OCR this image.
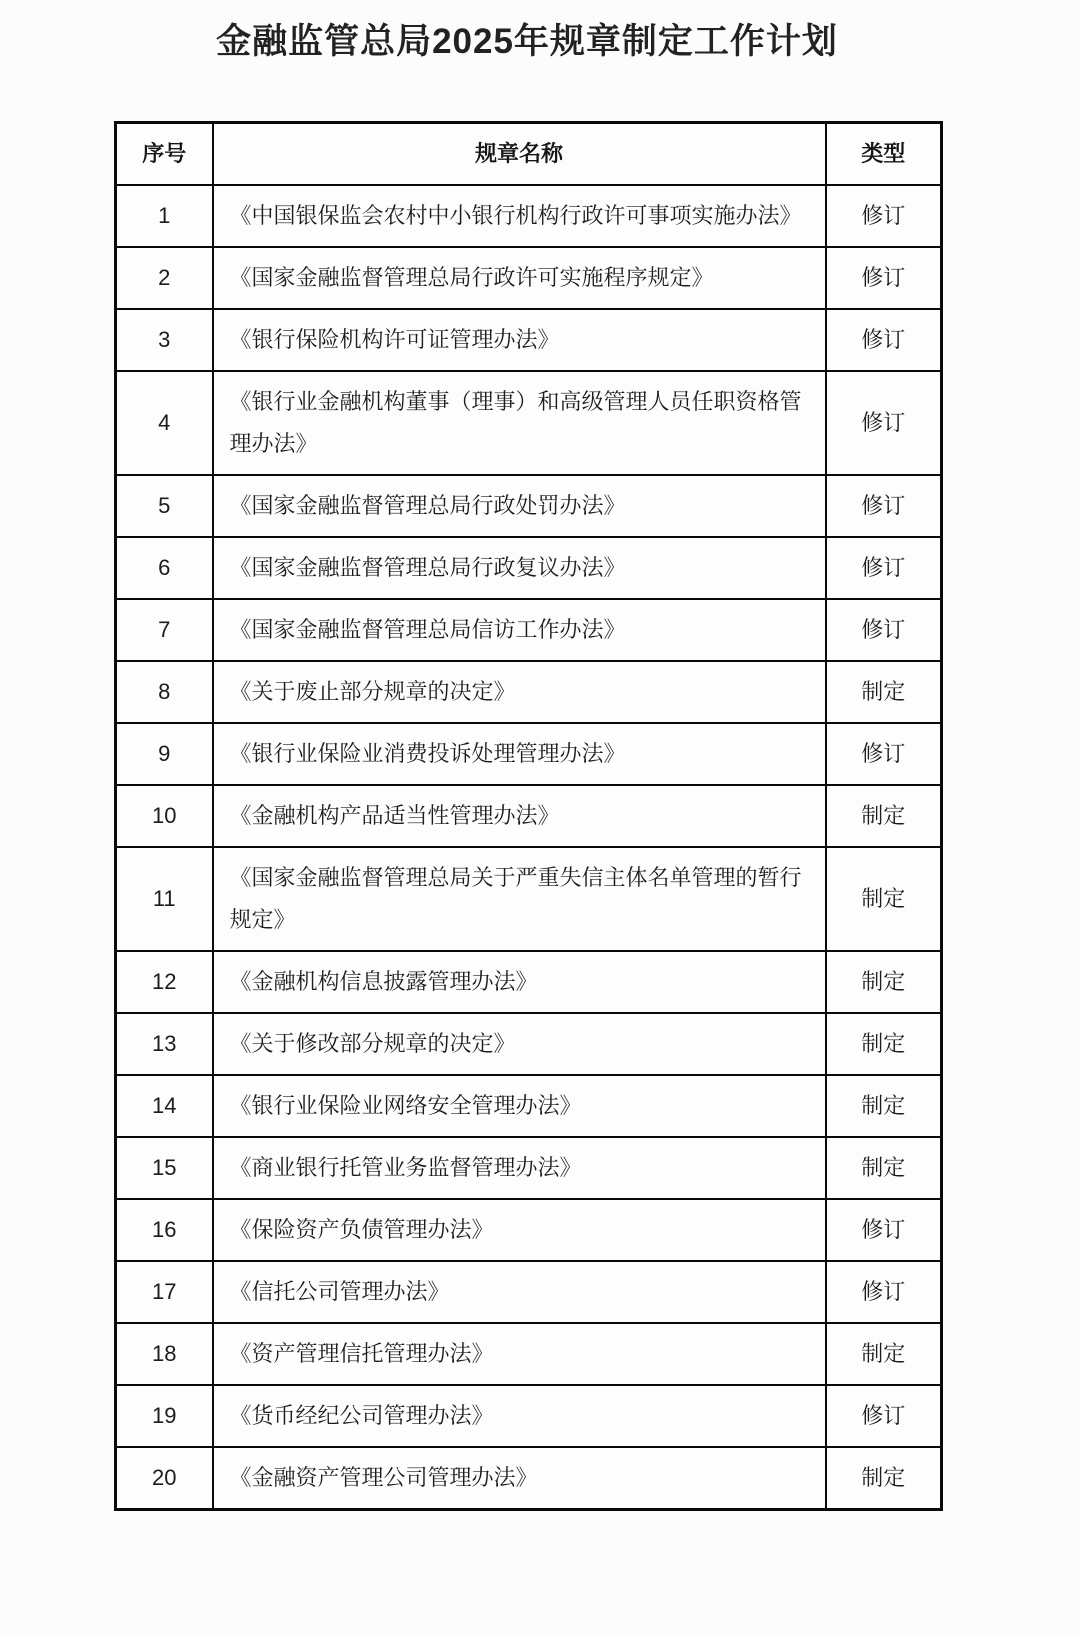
金融监管总局2025年规章制定工作计划
序号	规章名称	类型
1	《中国银保监会农村中小银行机构行政许可事项实施办法》	修订
2	《国家金融监督管理总局行政许可实施程序规定》	修订
3	《银行保险机构许可证管理办法》	修订
4	《银行业金融机构董事（理事）和高级管理人员任职资格管理办法》	修订
5	《国家金融监督管理总局行政处罚办法》	修订
6	《国家金融监督管理总局行政复议办法》	修订
7	《国家金融监督管理总局信访工作办法》	修订
8	《关于废止部分规章的决定》	制定
9	《银行业保险业消费投诉处理管理办法》	修订
10	《金融机构产品适当性管理办法》	制定
11	《国家金融监督管理总局关于严重失信主体名单管理的暂行规定》	制定
12	《金融机构信息披露管理办法》	制定
13	《关于修改部分规章的决定》	制定
14	《银行业保险业网络安全管理办法》	制定
15	《商业银行托管业务监督管理办法》	制定
16	《保险资产负债管理办法》	修订
17	《信托公司管理办法》	修订
18	《资产管理信托管理办法》	制定
19	《货币经纪公司管理办法》	修订
20	《金融资产管理公司管理办法》	制定
